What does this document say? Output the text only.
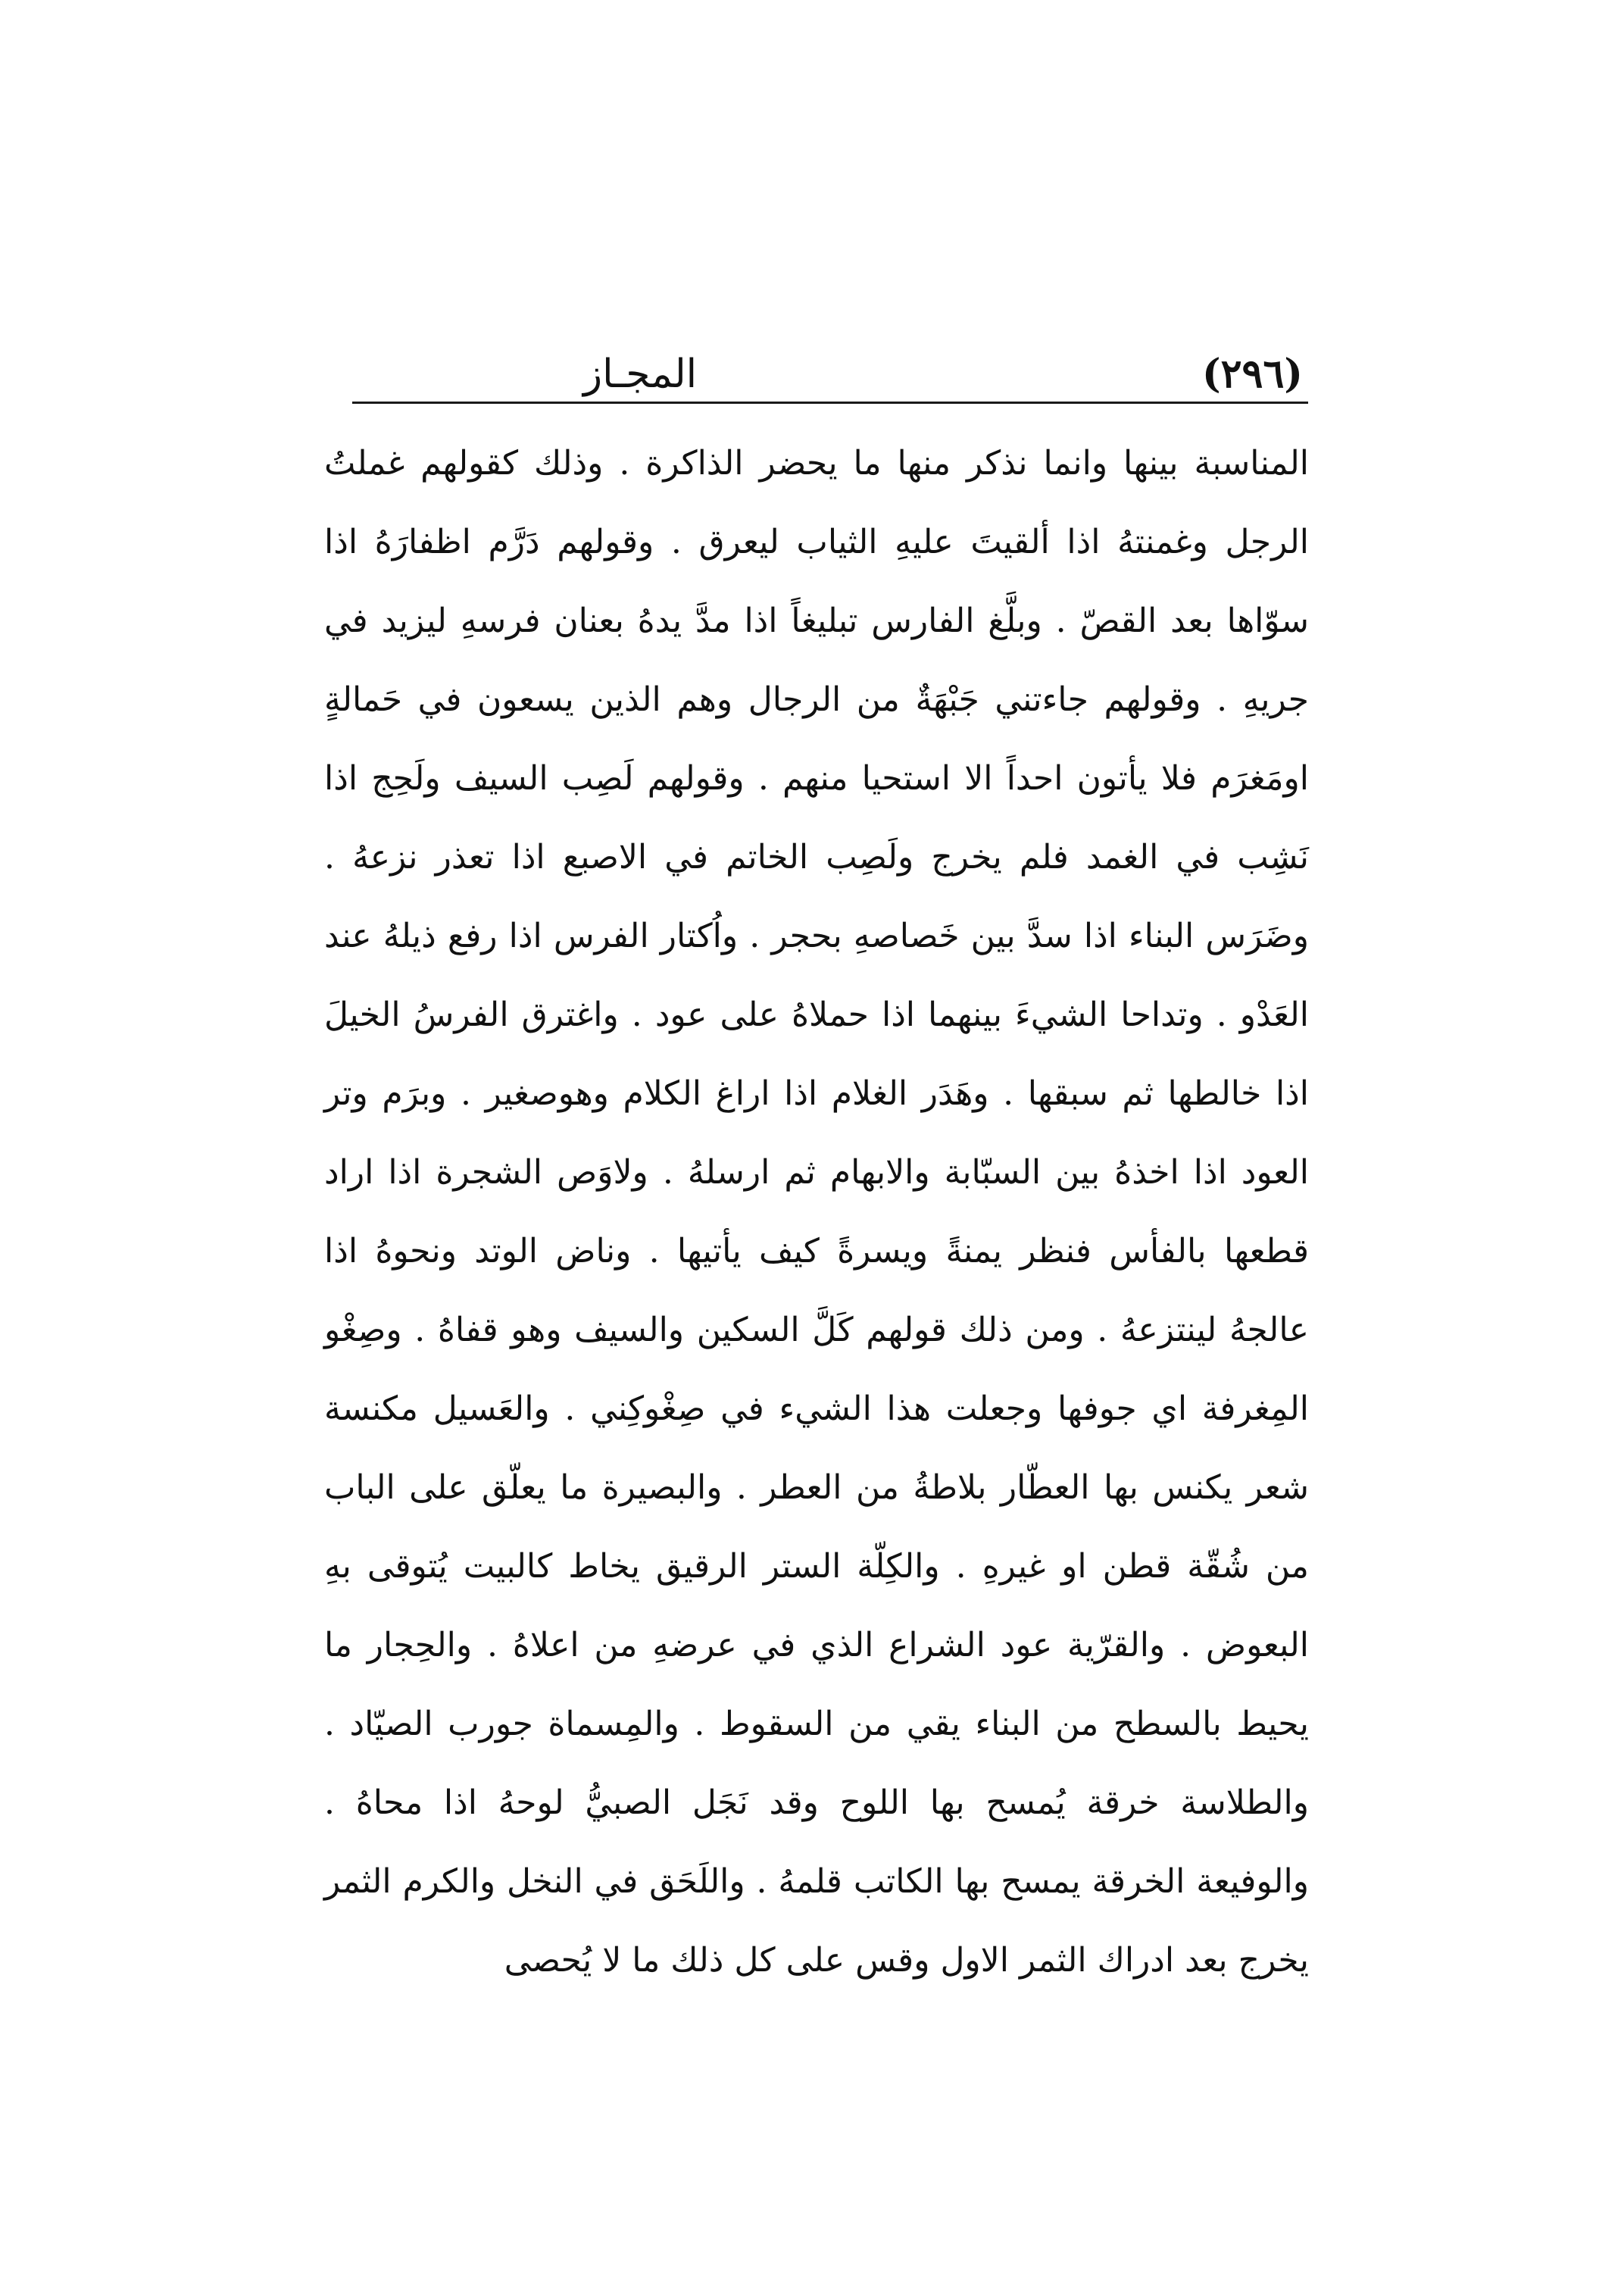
(٢٩٦)
المجـاز
المناسبة بينها وانما نذكر منها ما يحضر الذاكرة . وذلك كقولهم غملتُ الرجل وغمنتهُ اذا ألقيتَ عليهِ الثياب ليعرق . وقولهم دَرَّم اظفارَهُ اذا سوّاها بعد القصّ . وبلَّغ الفارس تبليغاً اذا مدَّ يدهُ بعنان فرسهِ ليزيد في جريهِ . وقولهم جاءتني جَبْهَةٌ من الرجال وهم الذين يسعون في حَمالةٍ اومَغرَم فلا يأتون احداً الا استحيا منهم . وقولهم لَصِب السيف ولَحِج اذا نَشِب في الغمد فلم يخرج ولَصِب الخاتم في الاصبع اذا تعذر نزعهُ . وضَرَس البناء اذا سدَّ بين خَصاصهِ بحجر . واُكتار الفرس اذا رفع ذيلهُ عند العَدْو . وتداحا الشيءَ بينهما اذا حملاهُ على عود . واغترق الفرسُ الخيلَ اذا خالطها ثم سبقها . وهَدَر الغلام اذا اراغ الكلام وهوصغير . وبرَم وتر العود اذا اخذهُ بين السبّابة والابهام ثم ارسلهُ . ولاوَص الشجرة اذا اراد قطعها بالفأس فنظر يمنةً ويسرةً كيف يأتيها . وناض الوتد ونحوهُ اذا عالجهُ لينتزعهُ . ومن ذلك قولهم كَلَّ السكين والسيف وهو قفاهُ . وصِغْو المِغرفة اي جوفها وجعلت هذا الشيء في صِغْوكِني . والعَسيل مكنسة شعر يكنس بها العطّار بلاطةُ من العطر . والبصيرة ما يعلّق على الباب من شُقّة قطن او غيرهِ . والكِلّة الستر الرقيق يخاط كالبيت يُتوقى بهِ البعوض . والقرّية عود الشراع الذي في عرضهِ من اعلاهُ . والحِجار ما يحيط بالسطح من البناء يقي من السقوط . والمِسماة جورب الصيّاد . والطلاسة خرقة يُمسح بها اللوح وقد نَجَل الصبيُّ لوحهُ اذا محاهُ . والوفيعة الخرقة يمسح بها الكاتب قلمهُ . واللَحَق في النخل والكرم الثمر يخرج بعد ادراك الثمر الاول وقس على كل ذلك ما لا يُحصى
